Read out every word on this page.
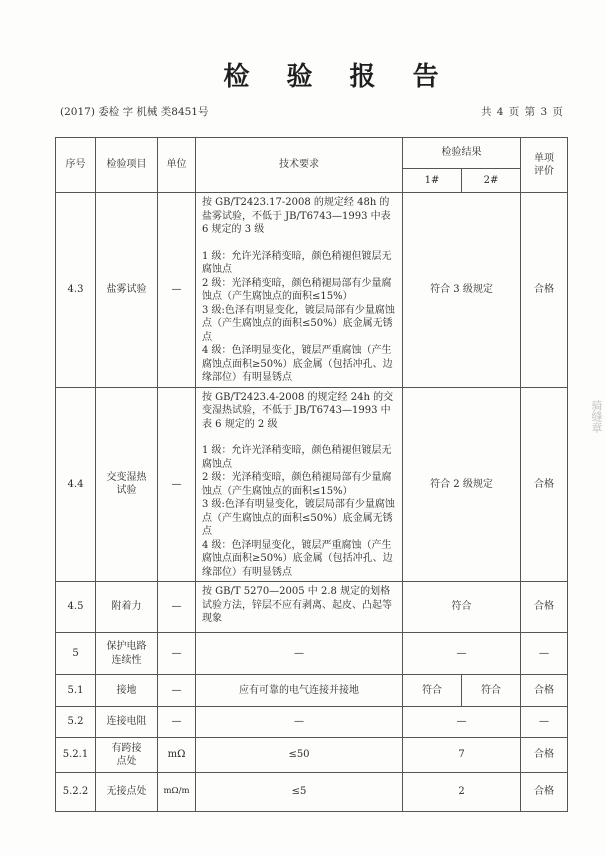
检 验 报 告
(2017) 委检 字 机械 类8451号	共 4 页 第 3 页
序号	检验项目	单位	技术要求	检验结果		单项
评价

				1#	2#	
4.3	盐雾试验	—	按 GB/T2423.17-2008 的规定经 48h 的盐雾试验，不低于 JB/T6743—1993 中表 6 规定的 3 级

1 级：允许光泽稍变暗，颜色稍褪但镀层无腐蚀点

2 级：光泽稍变暗，颜色稍褪局部有少量腐蚀点（产生腐蚀点的面积≤15%）

3 级:色泽有明显变化，镀层局部有少量腐蚀点（产生腐蚀点的面积≤50%）底金属无锈点

4 级：色泽明显变化，镀层严重腐蚀（产生腐蚀点面积≥50%）底金属（包括冲孔、边缘部位）有明显锈点	符合 3 级规定		合格
4.4	交变湿热试验	—	按 GB/T2423.4-2008 的规定经 24h 的交变湿热试验，不低于 JB/T6743—1993 中表 6 规定的 2 级

1 级：允许光泽稍变暗，颜色稍褪但镀层无腐蚀点

2 级：光泽稍变暗，颜色稍褪局部有少量腐蚀点（产生腐蚀点的面积≤15%）

3 级:色泽有明显变化，镀层局部有少量腐蚀点（产生腐蚀点的面积≤50%）底金属无锈点

4 级：色泽明显变化，镀层严重腐蚀（产生腐蚀点面积≥50%）底金属（包括冲孔、边缘部位）有明显锈点	符合 2 级规定		合格
4.5	附着力	—	按 GB/T 5270—2005 中 2.8 规定的划格试验方法，锌层不应有剥离、起皮、凸起等现象	符合		合格
5	保护电路连续性	—	—	—		—
5.1	接地	—	应有可靠的电气连接并接地	符合	符合	合格
5.2	连接电阻	—	—	—		—
5.2.1	有跨接点处	mΩ	≤50	7		合格
5.2.2	无接点处	mΩ/m	≤5	2		合格
骑缝章
